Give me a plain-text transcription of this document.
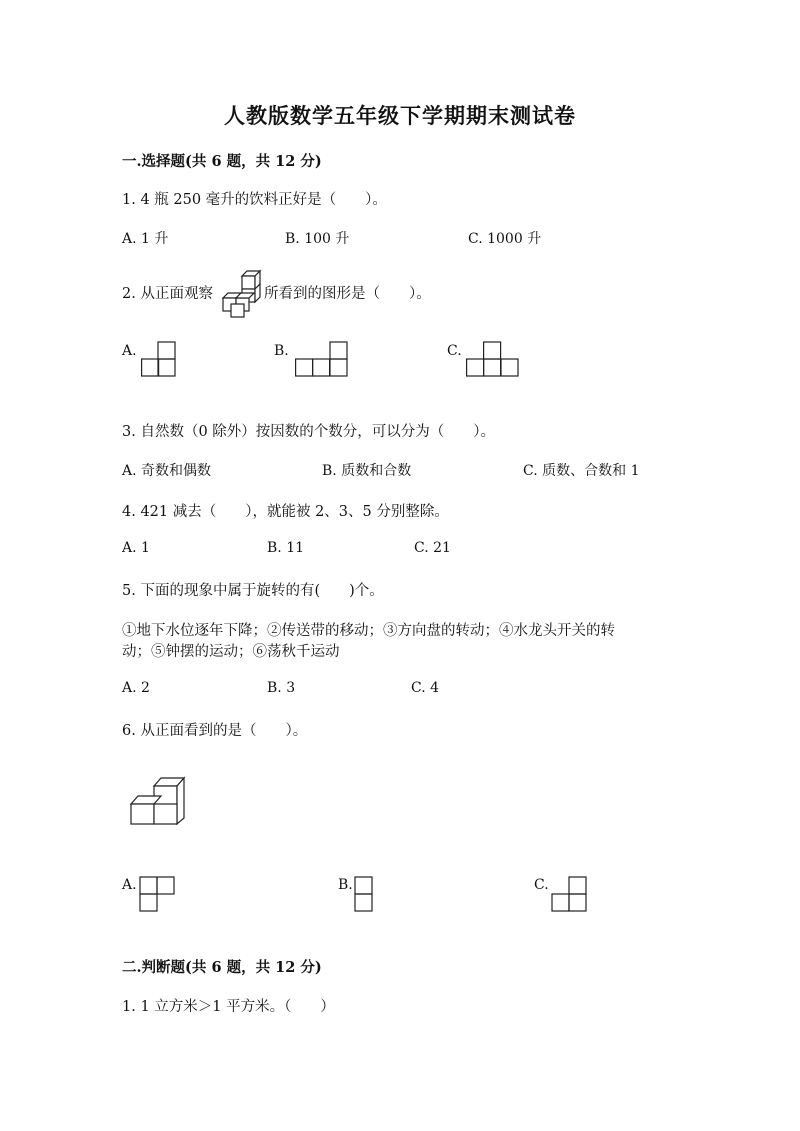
人教版数学五年级下学期期末测试卷
一.选择题(共 6 题，共 12 分)
1. 4 瓶 250 毫升的饮料正好是（　　）。
A. 1 升	B. 100 升	C. 1000 升
2. 从正面观察	所看到的图形是（　　）。
A.	B.	C.
3. 自然数（0 除外）按因数的个数分，可以分为（　　）。
A. 奇数和偶数	B. 质数和合数	C. 质数、合数和 1
4. 421 减去（　　），就能被 2、3、5 分别整除。
A. 1	B. 11	C. 21
5. 下面的现象中属于旋转的有(　　)个。
①地下水位逐年下降；②传送带的移动；③方向盘的转动；④水龙头开关的转
动；⑤钟摆的运动；⑥荡秋千运动
A. 2	B. 3	C. 4
6. 从正面看到的是（　　）。
A.	B.	C.
二.判断题(共 6 题，共 12 分)
1. 1 立方米＞1 平方米。（　　）
